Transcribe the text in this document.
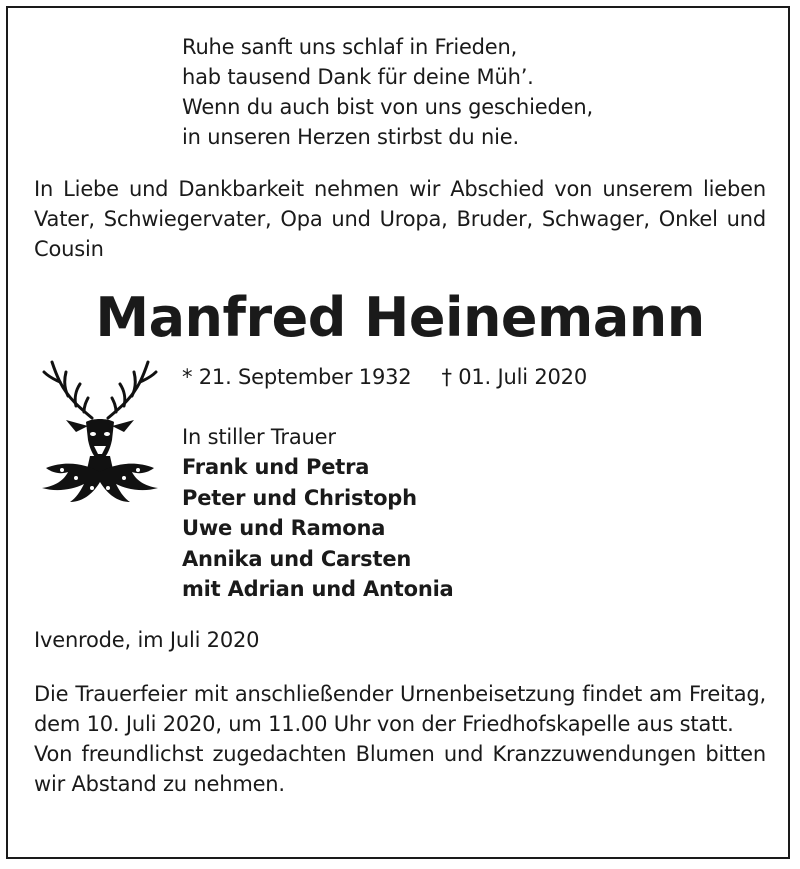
Ruhe sanft uns schlaf in Frieden,
hab tausend Dank für deine Müh’.
Wenn du auch bist von uns geschieden,
in unseren Herzen stirbst du nie.
In Liebe und Dankbarkeit nehmen wir Abschied von unserem lieben Vater, Schwiegervater, Opa und Uropa, Bruder, Schwager, Onkel und Cousin
Manfred Heinemann
* 21. September 1932 † 01. Juli 2020
In stiller Trauer
Frank und Petra
Peter und Christoph
Uwe und Ramona
Annika und Carsten
mit Adrian und Antonia
Ivenrode, im Juli 2020

Die Trauerfeier mit anschließender Urnenbeisetzung findet am Freitag, dem 10. Juli 2020, um 11.00 Uhr von der Friedhofskapelle aus statt.

Von freundlichst zugedachten Blumen und Kranzzuwendungen bitten wir Abstand zu nehmen.
